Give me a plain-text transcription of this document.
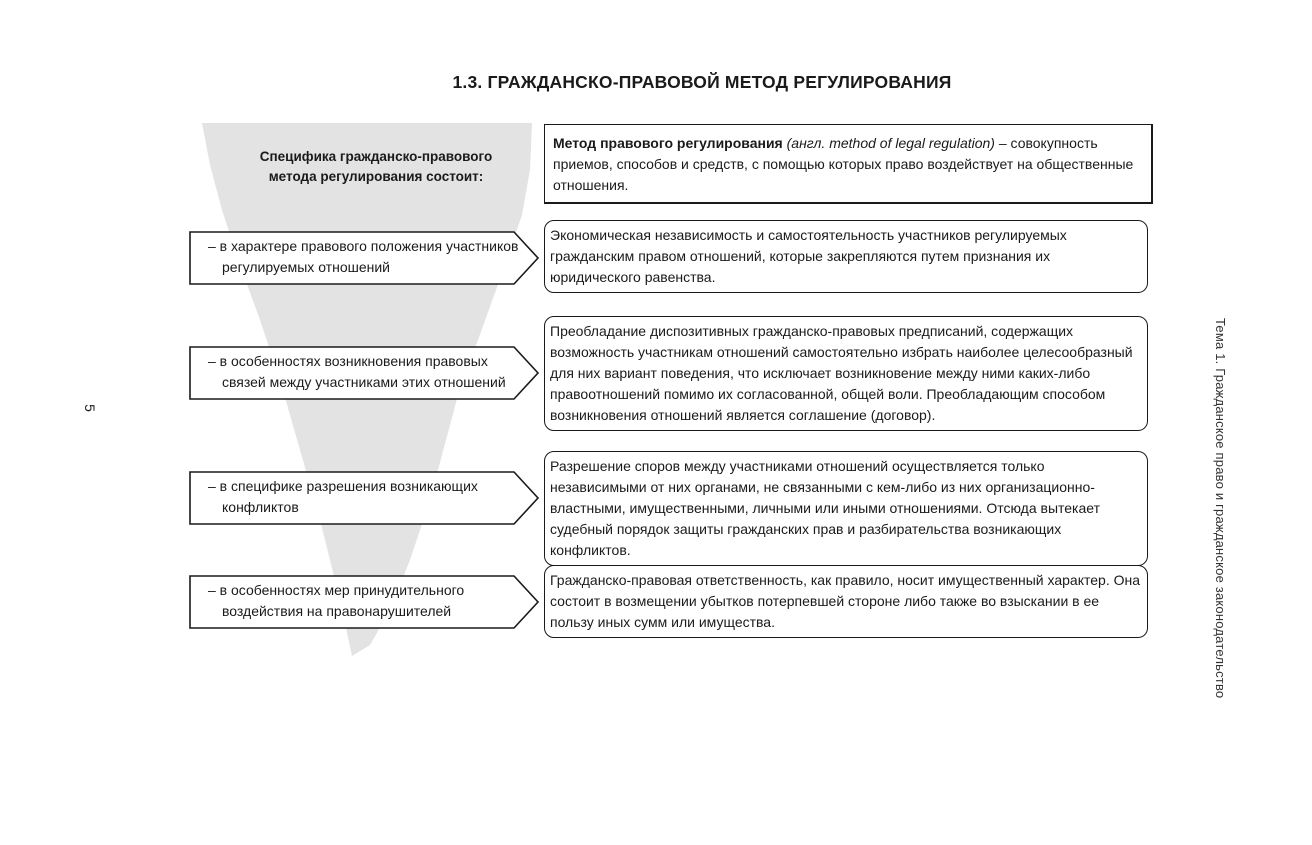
1.3. ГРАЖДАНСКО-ПРАВОВОЙ МЕТОД РЕГУЛИРОВАНИЯ
Специфика гражданско-правового метода регулирования состоит:
Метод правового регулирования (англ. method of legal regulation) – совокупность приемов, способов и средств, с помощью которых право воздействует на общественные отношения.
– в характере правового положения участников регулируемых отношений
Экономическая независимость и самостоятельность участников регулируемых гражданским правом отношений, которые закрепляются путем признания их юридического равенства.
– в особенностях возникновения правовых связей между участниками этих отношений
Преобладание диспозитивных гражданско-правовых предписаний, содержащих возможность участникам отношений самостоятельно избрать наиболее целесообразный для них вариант поведения, что исключает возникновение между ними каких-либо правоотношений помимо их согласованной, общей воли. Преобладающим способом возникновения отношений является соглашение (договор).
– в специфике разрешения возникающих конфликтов
Разрешение споров между участниками отношений осуществляется только независимыми от них органами, не связанными с кем-либо из них организационно-властными, имущественными, личными или иными отношениями. Отсюда вытекает судебный порядок защиты гражданских прав и разбирательства возникающих конфликтов.
– в особенностях мер принудительного воздействия на правонарушителей
Гражданско-правовая ответственность, как правило, носит имущественный характер. Она состоит в возмещении убытков потерпевшей стороне либо также во взыскании в ее пользу иных сумм или имущества.
5	Тема 1. Гражданское право и гражданское законодательство
